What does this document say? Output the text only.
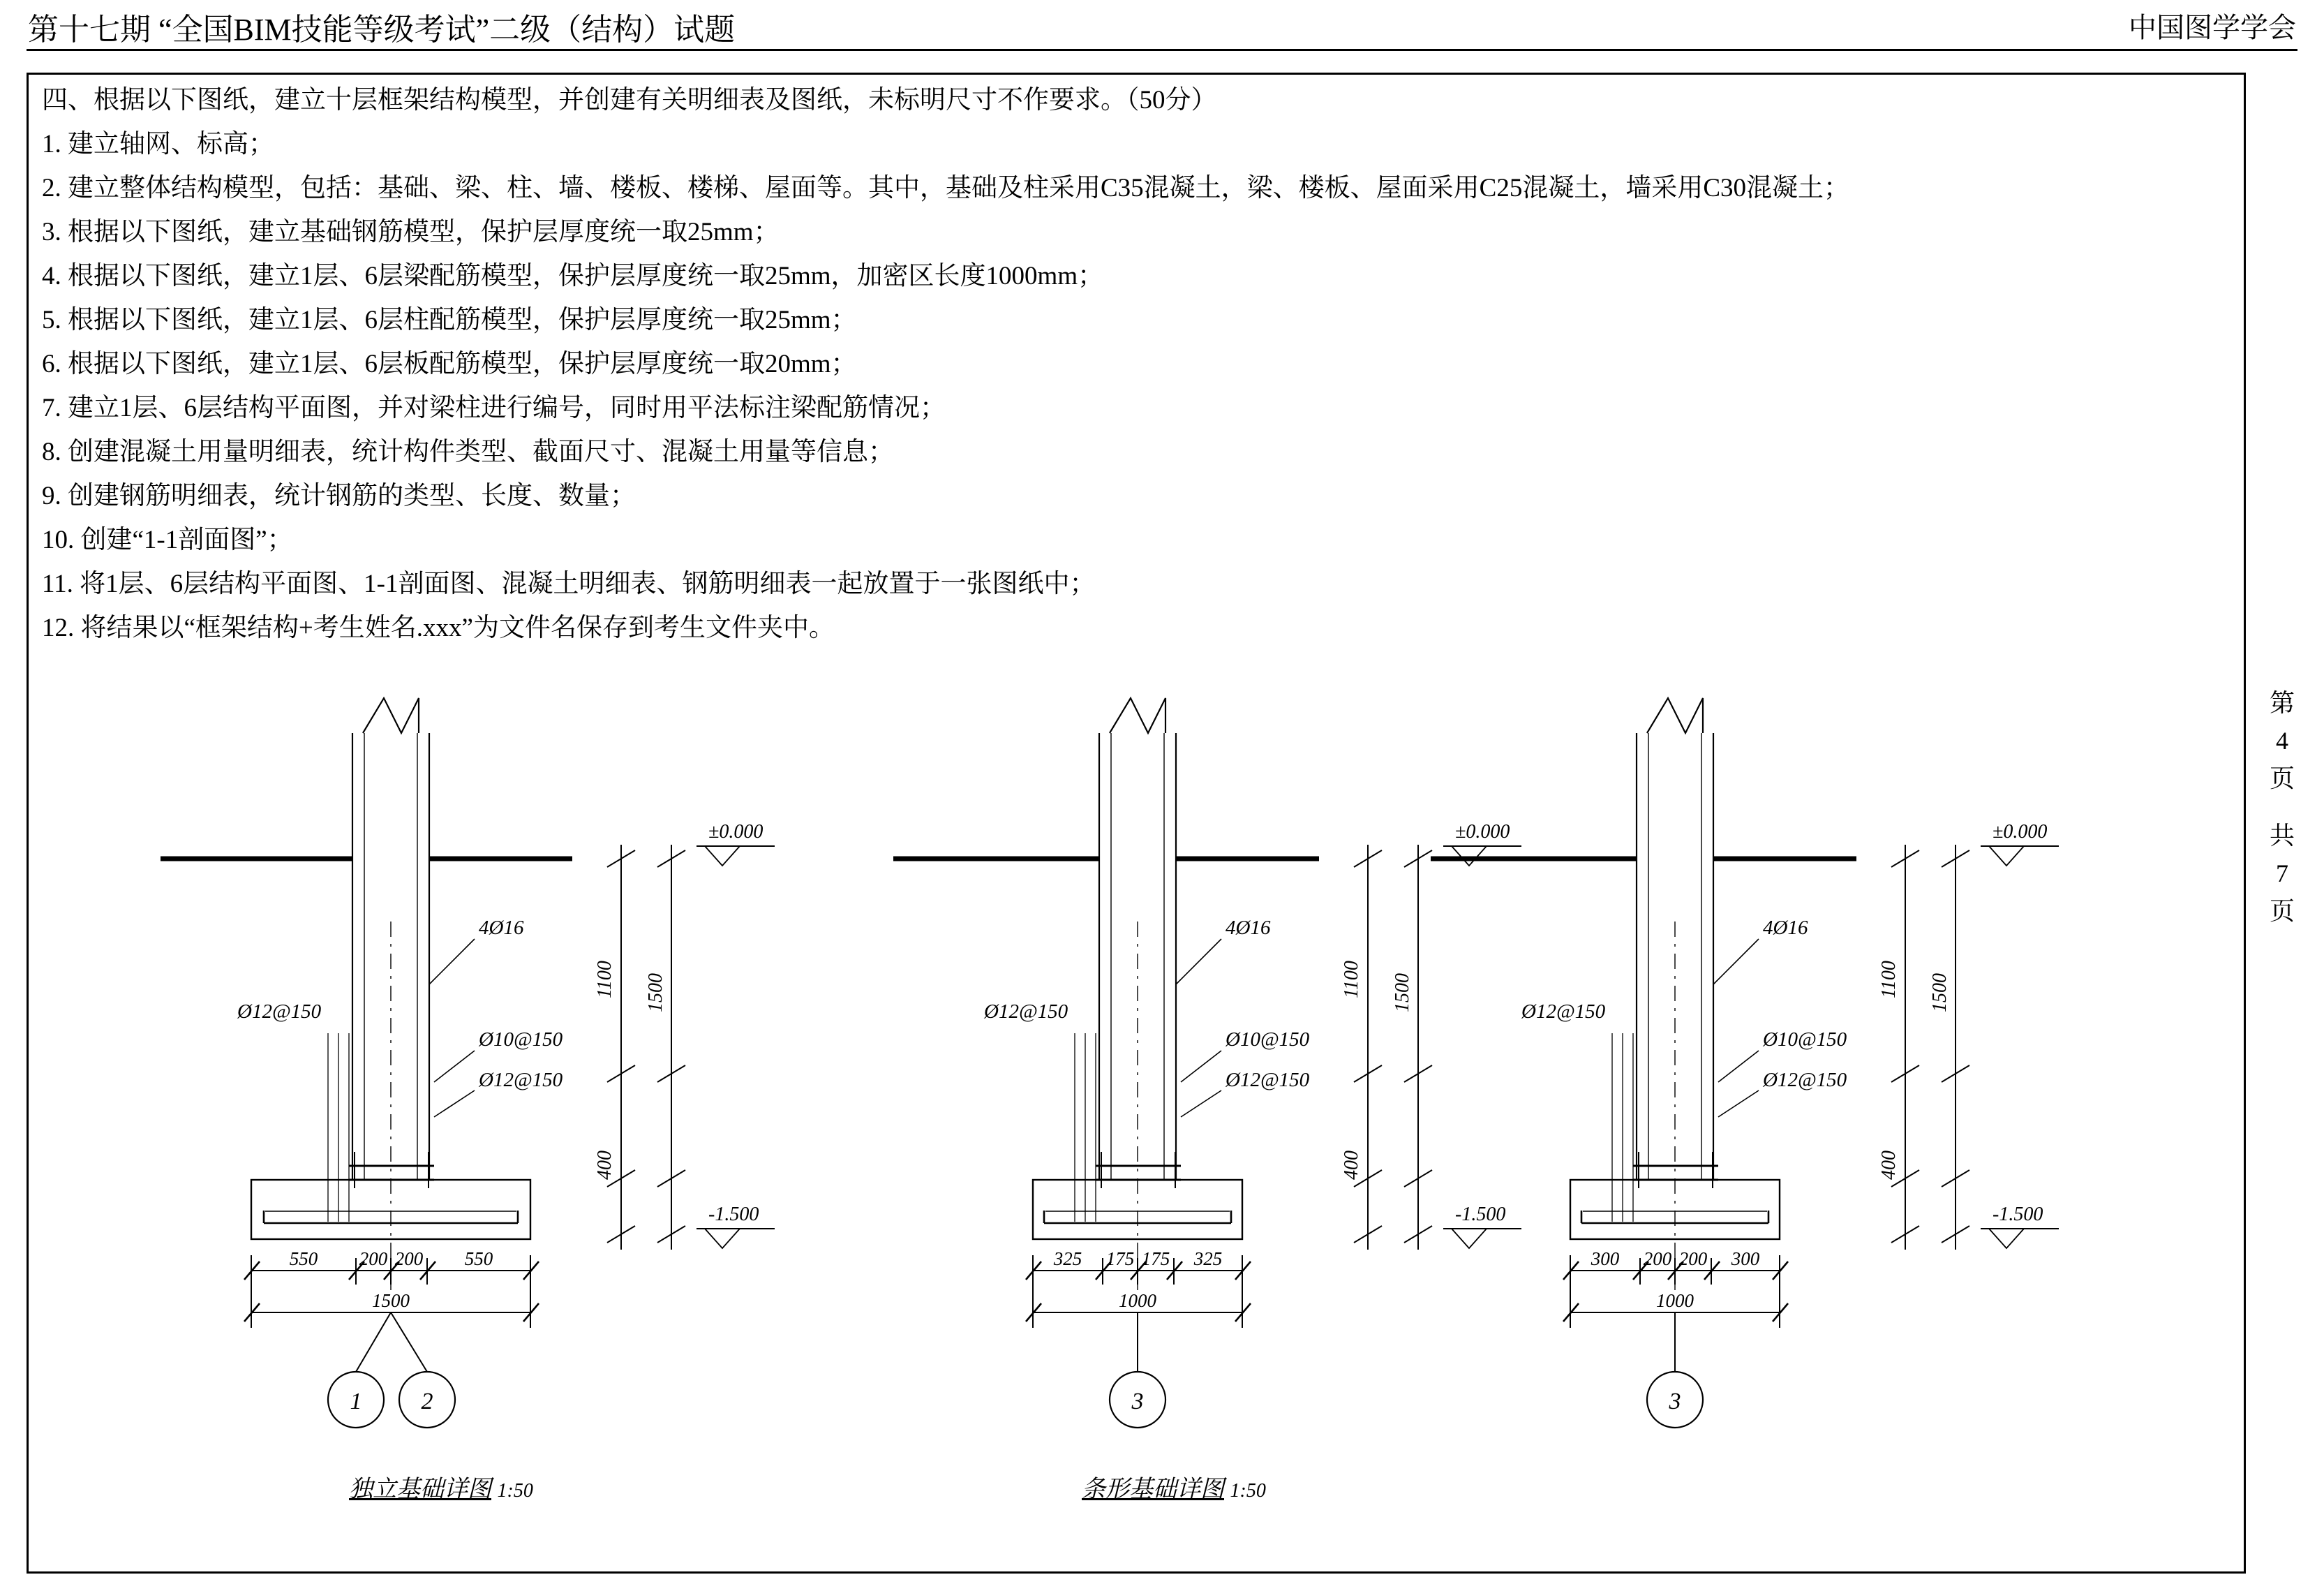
第十七期 “全国BIM技能等级考试”二级（结构）试题	中国图学学会

四、根据以下图纸，建立十层框架结构模型，并创建有关明细表及图纸，未标明尺寸不作要求。（50分）

1. 建立轴网、标高；

2. 建立整体结构模型，包括：基础、梁、柱、墙、楼板、楼梯、屋面等。其中，基础及柱采用C35混凝土，梁、楼板、屋面采用C25混凝土，墙采用C30混凝土；

3. 根据以下图纸，建立基础钢筋模型，保护层厚度统一取25mm；

4. 根据以下图纸，建立1层、6层梁配筋模型，保护层厚度统一取25mm，加密区长度1000mm；

5. 根据以下图纸，建立1层、6层柱配筋模型，保护层厚度统一取25mm；

6. 根据以下图纸，建立1层、6层板配筋模型，保护层厚度统一取20mm；

7. 建立1层、6层结构平面图，并对梁柱进行编号，同时用平法标注梁配筋情况；

8. 创建混凝土用量明细表，统计构件类型、截面尺寸、混凝土用量等信息；

9. 创建钢筋明细表，统计钢筋的类型、长度、数量；

10. 创建“1-1剖面图”；

11. 将1层、6层结构平面图、1-1剖面图、混凝土明细表、钢筋明细表一起放置于一张图纸中；

12. 将结果以“框架结构+考生姓名.xxx”为文件名保存到考生文件夹中。

第
4
页
共
7
页
4Ø16
Ø12@150
Ø10@150
Ø12@150
±0.000
-1.500
1100 1500
400
550 200 200 550
1500
1	2
独立基础详图 1:50
4Ø16
Ø12@150
Ø10@150
Ø12@150
±0.000
-1.500
1100 1500
400
325 175 175 325
1000
3
条形基础详图 1:50
4Ø16
Ø12@150
Ø10@150
Ø12@150
±0.000
-1.500
1100 1500
400
300 200 200 300
1000
3
